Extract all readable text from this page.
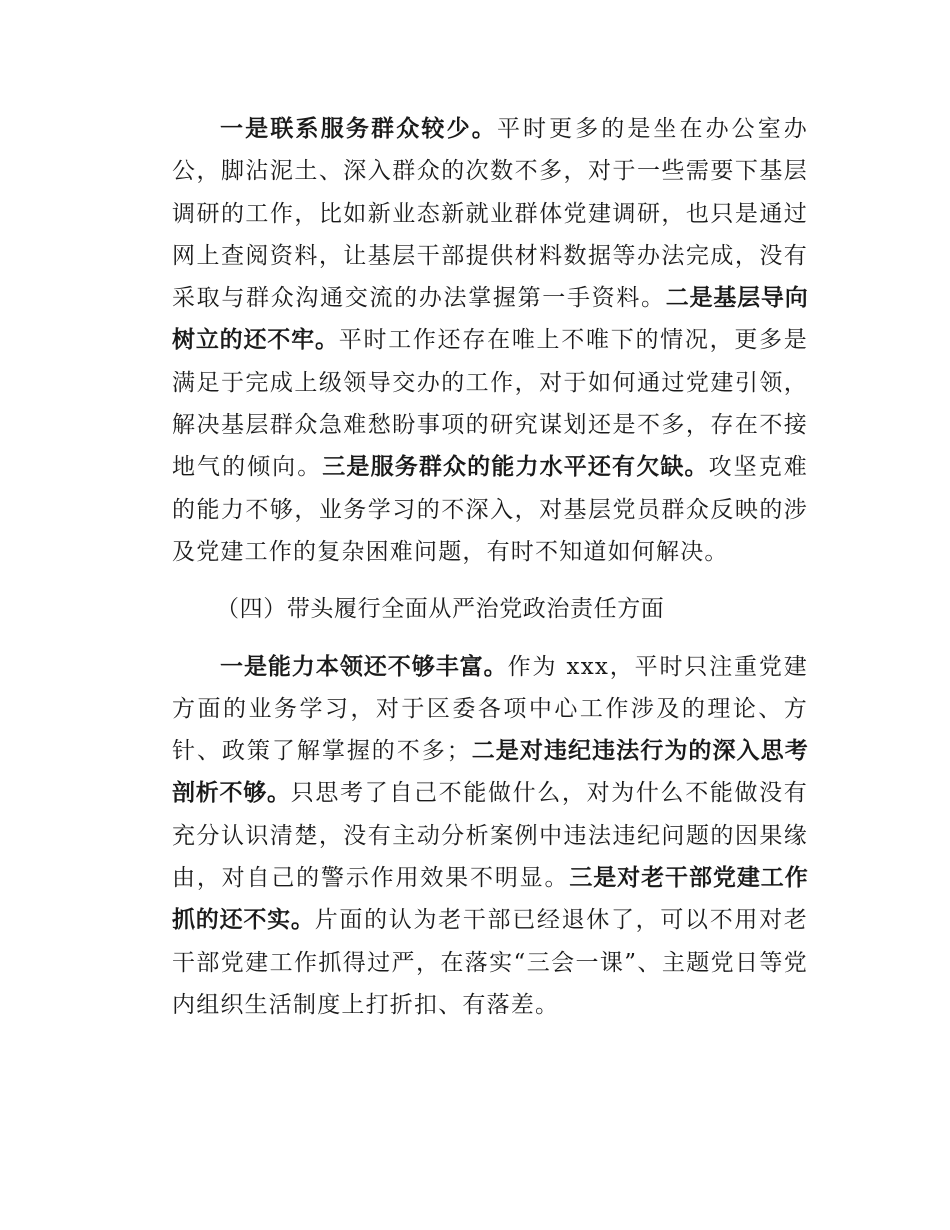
一是联系服务群众较少。平时更多的是坐在办公室办公，脚沾泥土、深入群众的次数不多，对于一些需要下基层调研的工作，比如新业态新就业群体党建调研，也只是通过网上查阅资料，让基层干部提供材料数据等办法完成，没有采取与群众沟通交流的办法掌握第一手资料。二是基层导向树立的还不牢。平时工作还存在唯上不唯下的情况，更多是满足于完成上级领导交办的工作，对于如何通过党建引领，解决基层群众急难愁盼事项的研究谋划还是不多，存在不接地气的倾向。三是服务群众的能力水平还有欠缺。攻坚克难的能力不够，业务学习的不深入，对基层党员群众反映的涉及党建工作的复杂困难问题，有时不知道如何解决。

（四）带头履行全面从严治党政治责任方面

一是能力本领还不够丰富。作为 xxx，平时只注重党建方面的业务学习，对于区委各项中心工作涉及的理论、方针、政策了解掌握的不多；二是对违纪违法行为的深入思考剖析不够。只思考了自己不能做什么，对为什么不能做没有充分认识清楚，没有主动分析案例中违法违纪问题的因果缘由，对自己的警示作用效果不明显。三是对老干部党建工作抓的还不实。片面的认为老干部已经退休了，可以不用对老干部党建工作抓得过严，在落实“三会一课”、主题党日等党内组织生活制度上打折扣、有落差。
